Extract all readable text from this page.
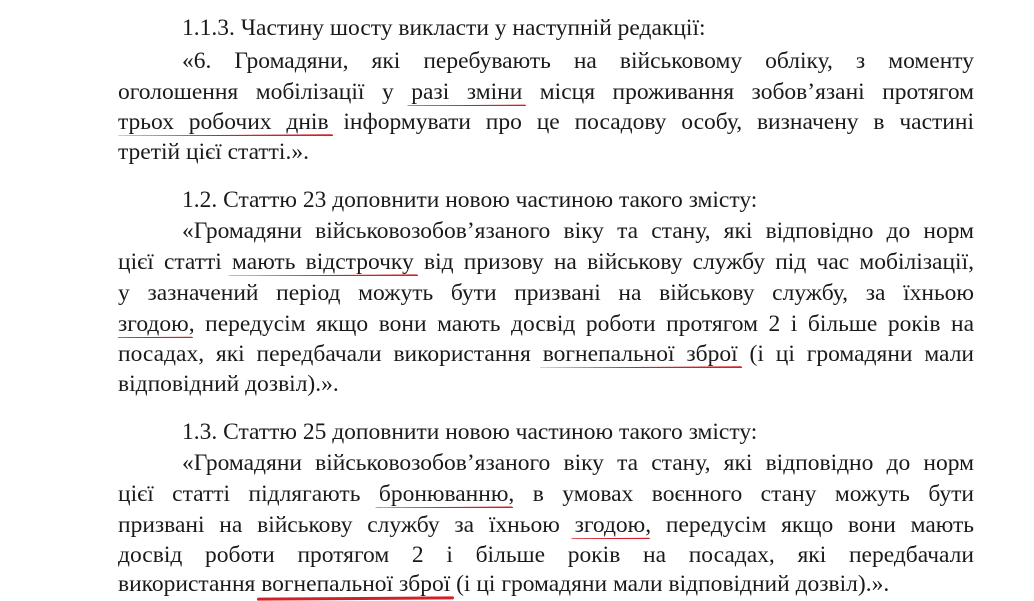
1.1.3. Частину шосту викласти у наступній редакції:
«6. Громадяни, які перебувають на військовому обліку, з моменту
оголошення мобілізації у разі зміни місця проживання зобов’язані протягом
трьох робочих днів інформувати про це посадову особу, визначену в частині
третій цієї статті.».
1.2. Статтю 23 доповнити новою частиною такого змісту:
«Громадяни військовозобов’язаного віку та стану, які відповідно до норм
цієї статті мають відстрочку від призову на військову службу під час мобілізації,
у зазначений період можуть бути призвані на військову службу, за їхньою
згодою, передусім якщо вони мають досвід роботи протягом 2 і більше років на
посадах, які передбачали використання вогнепальної зброї (і ці громадяни мали
відповідний дозвіл).».
1.3. Статтю 25 доповнити новою частиною такого змісту:
«Громадяни військовозобов’язаного віку та стану, які відповідно до норм
цієї статті підлягають бронюванню, в умовах воєнного стану можуть бути
призвані на військову службу за їхньою згодою, передусім якщо вони мають
досвід роботи протягом 2 і більше років на посадах, які передбачали
використання вогнепальної зброї (і ці громадяни мали відповідний дозвіл).».
